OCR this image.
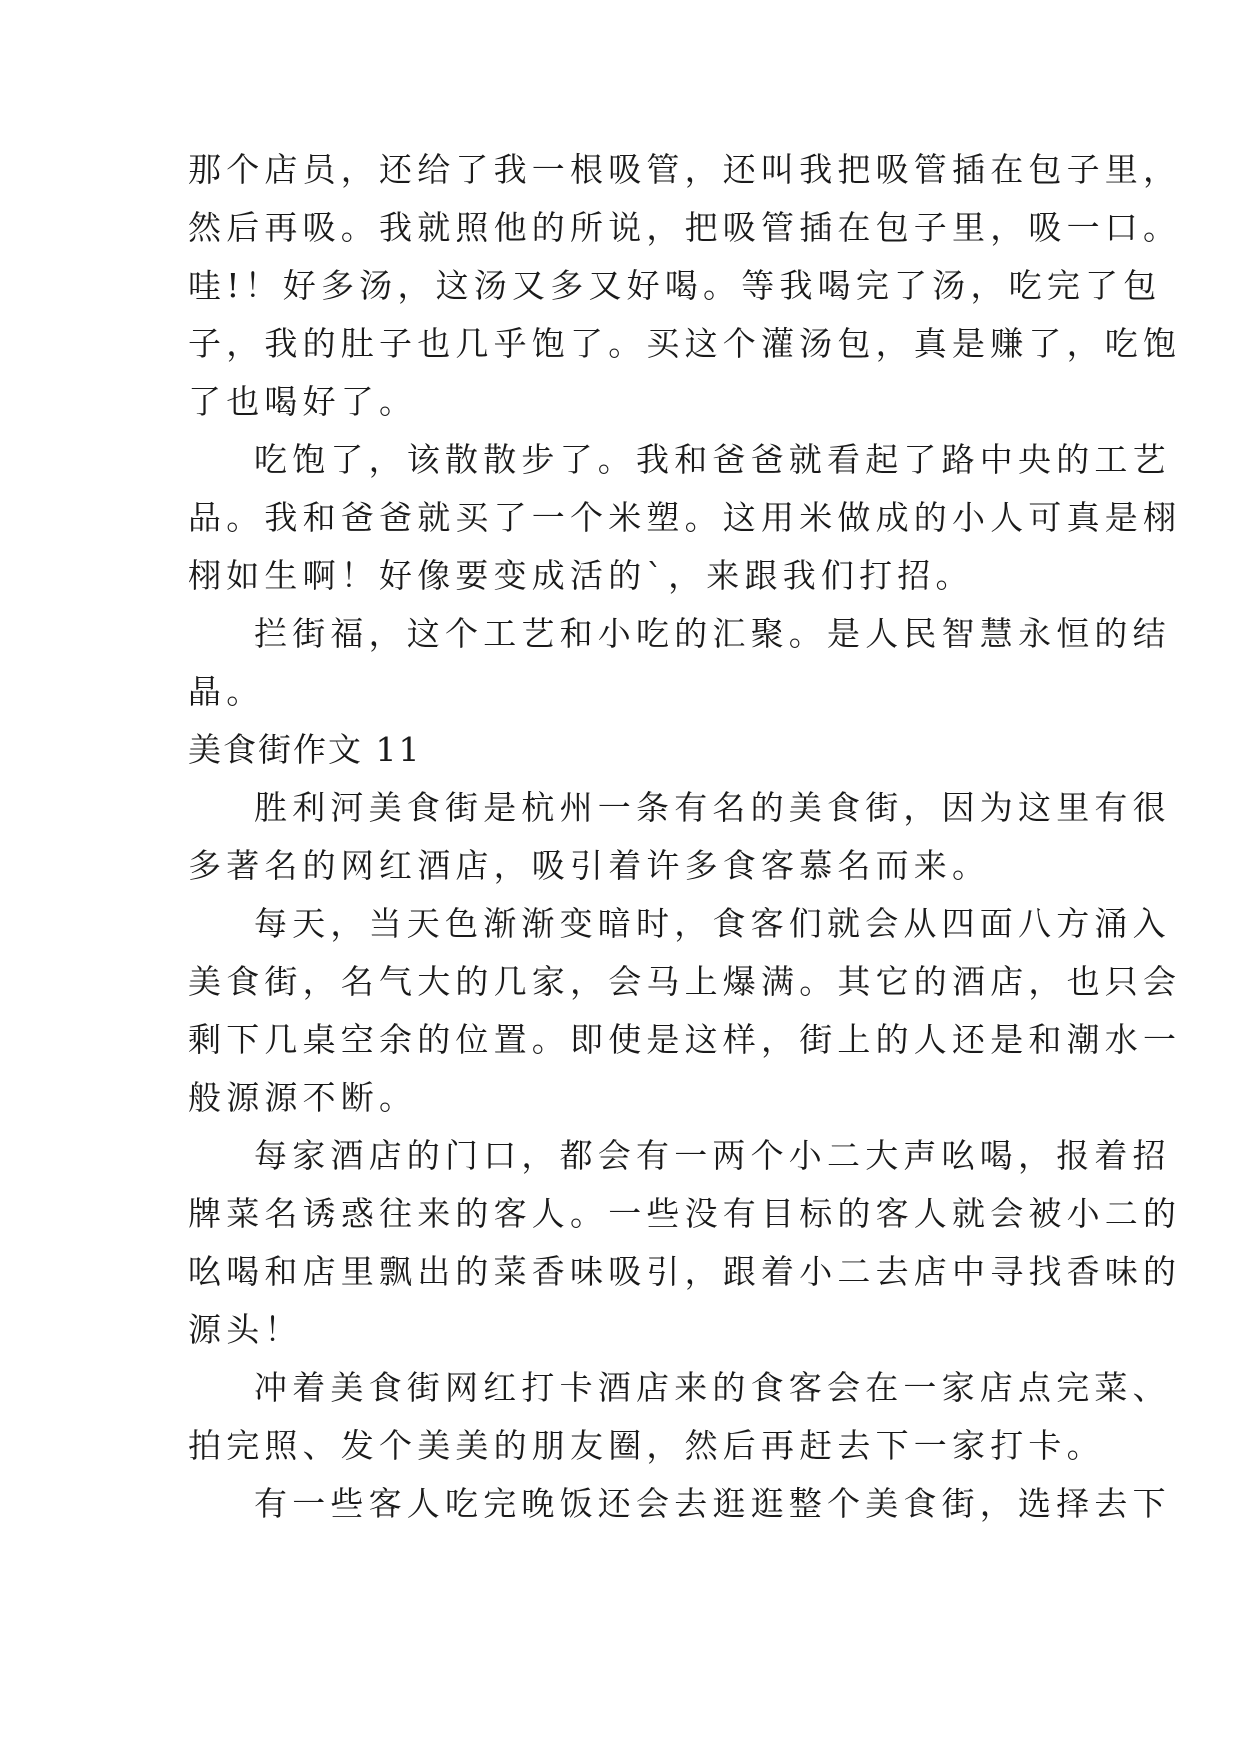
那个店员，还给了我一根吸管，还叫我把吸管插在包子里，

然后再吸。我就照他的所说，把吸管插在包子里，吸一口。

哇!！好多汤，这汤又多又好喝。等我喝完了汤，吃完了包

子，我的肚子也几乎饱了。买这个灌汤包，真是赚了，吃饱

了也喝好了。

吃饱了，该散散步了。我和爸爸就看起了路中央的工艺

品。我和爸爸就买了一个米塑。这用米做成的小人可真是栩

栩如生啊！好像要变成活的`，来跟我们打招。

拦街福，这个工艺和小吃的汇聚。是人民智慧永恒的结

晶。

美食街作文 11

胜利河美食街是杭州一条有名的美食街，因为这里有很

多著名的网红酒店，吸引着许多食客慕名而来。

每天，当天色渐渐变暗时，食客们就会从四面八方涌入

美食街，名气大的几家，会马上爆满。其它的酒店，也只会

剩下几桌空余的位置。即使是这样，街上的人还是和潮水一

般源源不断。

每家酒店的门口，都会有一两个小二大声吆喝，报着招

牌菜名诱惑往来的客人。一些没有目标的客人就会被小二的

吆喝和店里飘出的菜香味吸引，跟着小二去店中寻找香味的

源头！

冲着美食街网红打卡酒店来的食客会在一家店点完菜、

拍完照、发个美美的朋友圈，然后再赶去下一家打卡。

有一些客人吃完晚饭还会去逛逛整个美食街，选择去下
